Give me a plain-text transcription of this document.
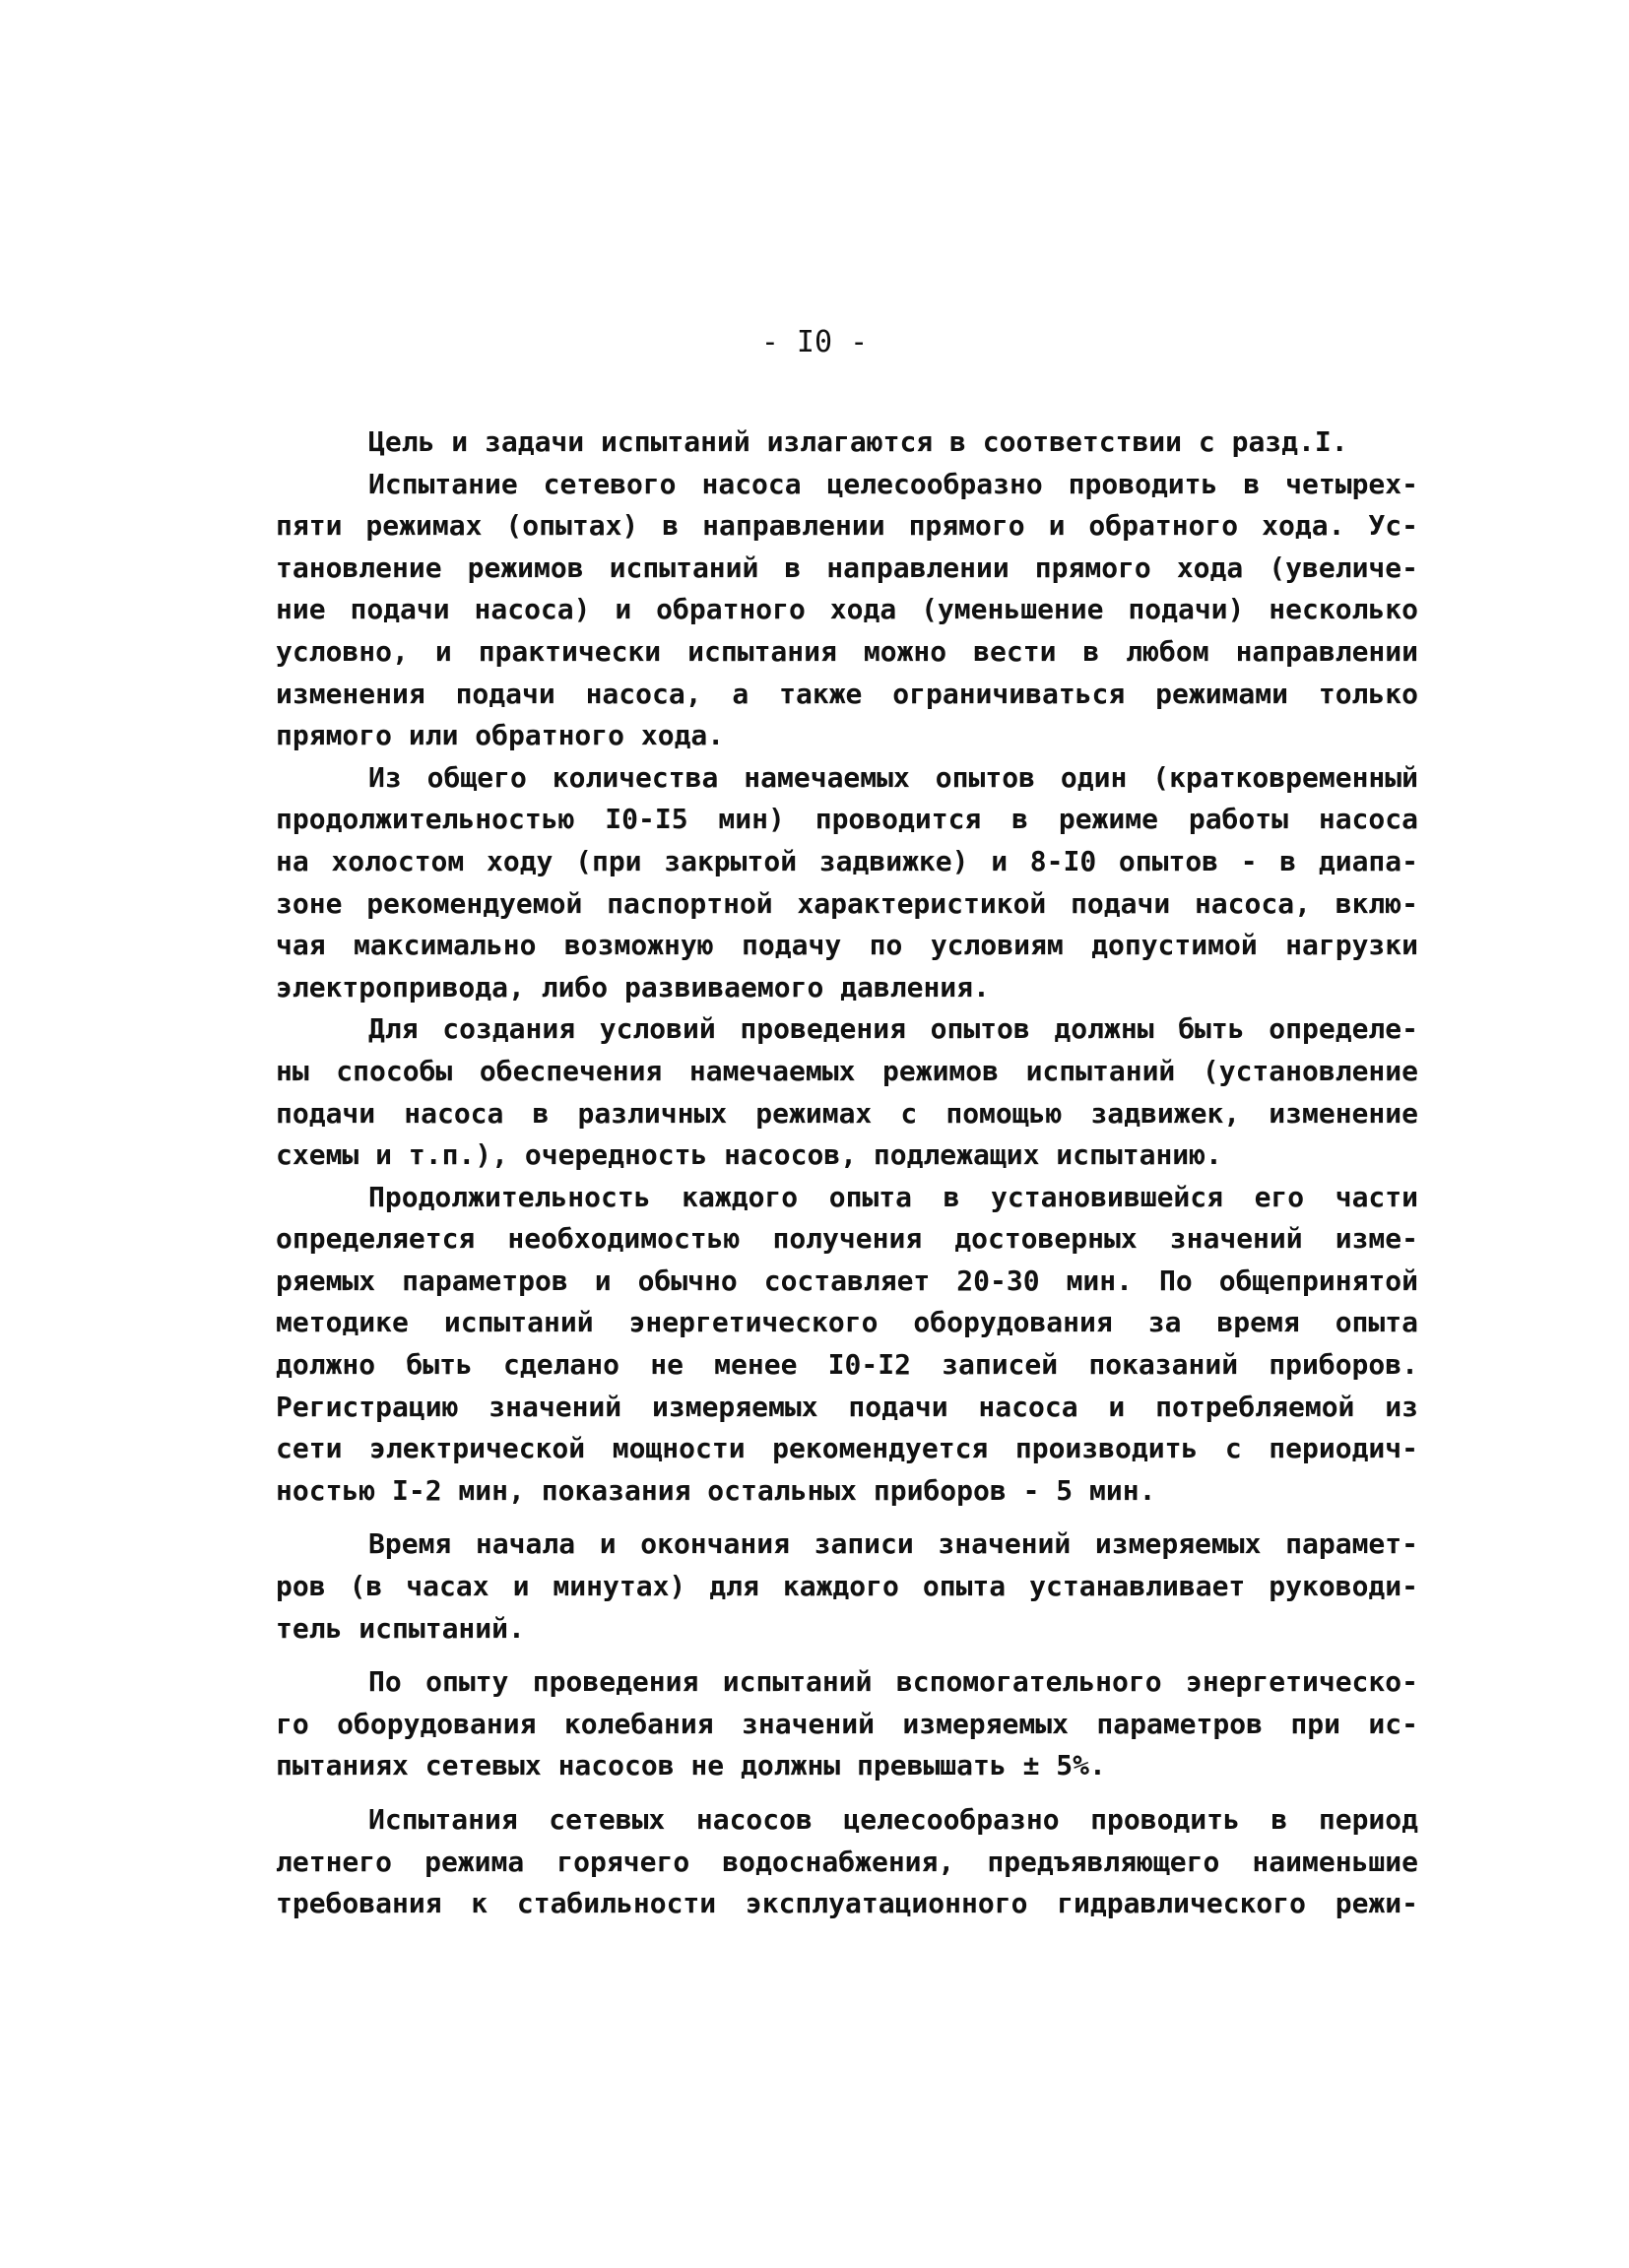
- I0 -
Цель и задачи испытаний излагаются в соответствии с разд.I.
Испытание сетевого насоса целесообразно проводить в четырех-
пяти режимах (опытах) в направлении прямого и обратного хода. Ус-
тановление режимов испытаний в направлении прямого хода (увеличе-
ние подачи насоса) и обратного хода (уменьшение подачи) несколько
условно, и практически испытания можно вести в любом направлении
изменения подачи насоса, а также ограничиваться режимами только
прямого или обратного хода.
Из общего количества намечаемых опытов один (кратковременный
продолжительностью I0-I5 мин) проводится в режиме работы насоса
на холостом ходу (при закрытой задвижке) и 8-I0 опытов - в диапа-
зоне рекомендуемой паспортной характеристикой подачи насоса, вклю-
чая максимально возможную подачу по условиям допустимой нагрузки
электропривода, либо развиваемого давления.
Для создания условий проведения опытов должны быть определе-
ны способы обеспечения намечаемых режимов испытаний (установление
подачи насоса в различных режимах с помощью задвижек, изменение
схемы и т.п.), очередность насосов, подлежащих испытанию.
Продолжительность каждого опыта в установившейся его части
определяется необходимостью получения достоверных значений изме-
ряемых параметров и обычно составляет 20-30 мин. По общепринятой
методике испытаний энергетического оборудования за время опыта
должно быть сделано не менее I0-I2 записей показаний приборов.
Регистрацию значений измеряемых подачи насоса и потребляемой из
сети электрической мощности рекомендуется производить с периодич-
ностью I-2 мин, показания остальных приборов - 5 мин.
Время начала и окончания записи значений измеряемых парамет-
ров (в часах и минутах) для каждого опыта устанавливает руководи-
тель испытаний.
По опыту проведения испытаний вспомогательного энергетическо-
го оборудования колебания значений измеряемых параметров при ис-
пытаниях сетевых насосов не должны превышать ± 5%.
Испытания сетевых насосов целесообразно проводить в период
летнего режима горячего водоснабжения, предъявляющего наименьшие
требования к стабильности эксплуатационного гидравлического режи-
